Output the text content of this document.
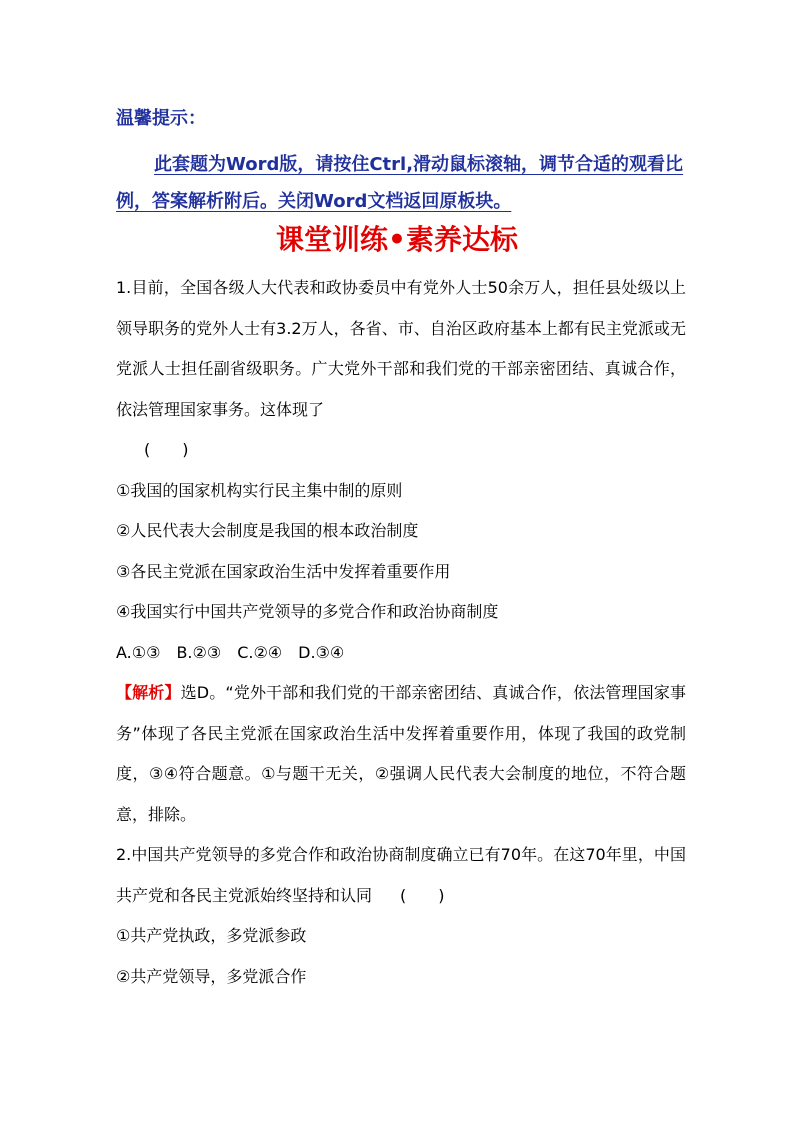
温馨提示：
此套题为Word版，请按住Ctrl,滑动鼠标滚轴，调节合适的观看比例，答案解析附后。关闭Word文档返回原板块。
课堂训练•素养达标
1.目前，全国各级人大代表和政协委员中有党外人士50余万人，担任县处级以上领导职务的党外人士有3.2万人，各省、市、自治区政府基本上都有民主党派或无党派人士担任副省级职务。广大党外干部和我们党的干部亲密团结、真诚合作，依法管理国家事务。这体现了
(　　)
①我国的国家机构实行民主集中制的原则
②人民代表大会制度是我国的根本政治制度
③各民主党派在国家政治生活中发挥着重要作用
④我国实行中国共产党领导的多党合作和政治协商制度
A.①③　B.②③　C.②④　D.③④
【解析】选D。“党外干部和我们党的干部亲密团结、真诚合作，依法管理国家事务”体现了各民主党派在国家政治生活中发挥着重要作用，体现了我国的政党制度，③④符合题意。①与题干无关，②强调人民代表大会制度的地位，不符合题意，排除。
2.中国共产党领导的多党合作和政治协商制度确立已有70年。在这70年里，中国共产党和各民主党派始终坚持和认同 (　　)
①共产党执政，多党派参政
②共产党领导，多党派合作
